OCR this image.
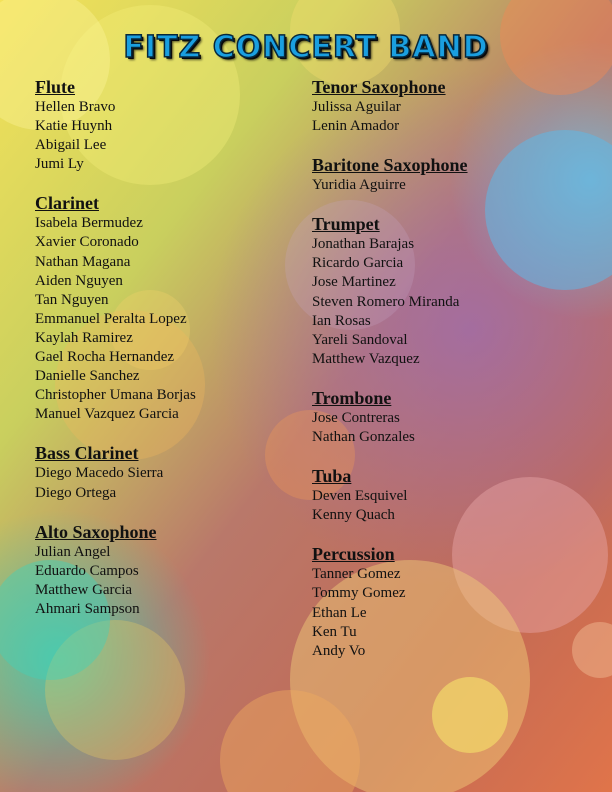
FITZ CONCERT BAND
Flute
Hellen Bravo
Katie Huynh
Abigail Lee
Jumi Ly
Clarinet
Isabela Bermudez
Xavier Coronado
Nathan Magana
Aiden Nguyen
Tan Nguyen
Emmanuel Peralta Lopez
Kaylah Ramirez
Gael Rocha Hernandez
Danielle Sanchez
Christopher Umana Borjas
Manuel Vazquez Garcia
Bass Clarinet
Diego Macedo Sierra
Diego Ortega
Alto Saxophone
Julian Angel
Eduardo Campos
Matthew Garcia
Ahmari Sampson
Tenor Saxophone
Julissa Aguilar
Lenin Amador
Baritone Saxophone
Yuridia Aguirre
Trumpet
Jonathan Barajas
Ricardo Garcia
Jose Martinez
Steven Romero Miranda
Ian Rosas
Yareli Sandoval
Matthew Vazquez
Trombone
Jose Contreras
Nathan Gonzales
Tuba
Deven Esquivel
Kenny Quach
Percussion
Tanner Gomez
Tommy Gomez
Ethan Le
Ken Tu
Andy Vo
